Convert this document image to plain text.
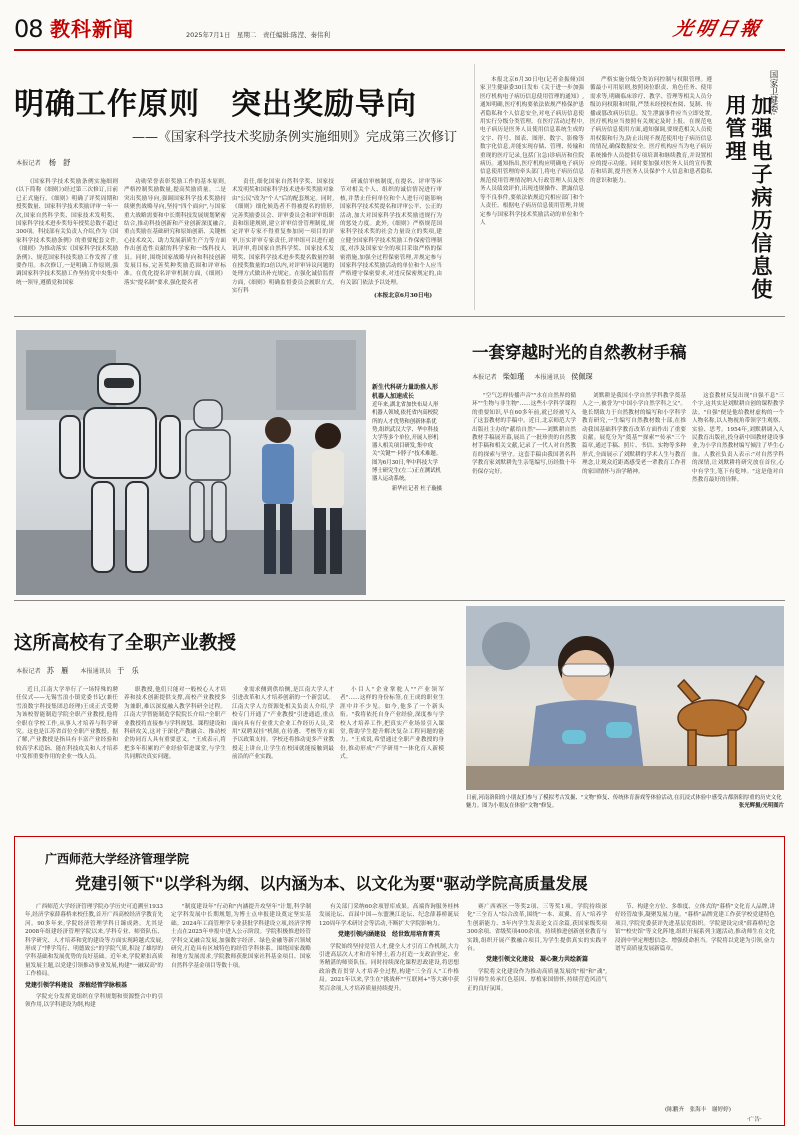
08 教科新闻	2025年7月1日　星期二　责任编辑:陈滢、秦伟利	光明日報
明确工作原则　突出奖励导向
——《国家科学技术奖励条例实施细则》完成第三次修订
本报记者 杨　舒

《国家科学技术奖励条例实施细则(以下简称《细则》)经过第三次修订,日前已正式施行。《细则》明确了评奖周期和授奖数量、国家科学技术奖励评审一年一次,国家自然科学奖、国家技术发明奖、国家科学技术进步奖每年授奖总数不超过300项。科技部有关负责人介绍,作为《国家科学技术奖励条例》的重要配套文件,《细则》为推动落实《国家科学技术奖励条例》、规范国家科技奖励工作发挥了重要作用。本次修订,一是明确工作原则,强调国家科学技术奖励工作坚持党中央集中统一领导,遵循党和国家

功勋荣誉表彰奖励工作的基本原则,严格控制奖励数量,提高奖励质量。二是突出奖励导向,强调国家科学技术奖励持续聚焦战略导向,坚持"四个面向",与国家重大战略需要和中长期科技发展规划紧密结合,推动科技创新和产业创新深度融合,重点奖励在基础研究和原始创新、关键核心技术攻关、助力发展新质生产力等方面作出创造性贡献的科学家和一线科技人员。同时,围绕国家战略导向和科技创新发展目标,完善奖种奖励范围和评审标准。在优化提名评审机制方面,《细则》落实"提名制"要求,强化提名者

责任,细化国家自然科学奖、国家技术发明奖和国家科学技术进步奖奖励对象由"公民"改为"个人"后的配套规定。同时,《细则》细化候选者不得被提名的情形,完善奖励委员会、评审委员会和评审组职责和组建规则,建立评审信誉管理制度,规定评审专家不得重复参加同一项目的评审,压实评审专家责任,评审组可以进行通讯评审,将国家自然科学奖、国家技术发明奖、国家科学技术进步奖提名数量控制在授奖数量的3倍以内,对评审异议问题的处理方式做出补充规定。在强化诚信监督方面,《细则》明确监督委员会履职方式,实行科

研诚信审核制度,在提名、评审等环节对相关个人、组织的诚信情况进行审核,并禁止任何单位和个人进行可能影响国家科学技术奖提名和评审公平、公正的活动,加大对国家科学技术奖励违规行为的惩处力度。此外,《细则》严格规范国家科学技术奖的社会力量设立的奖项,建立健全国家科学技术奖励工作保密管理制度,对涉及国家安全的项目采取严格的保密措施,加强全过程保密管理,并规定参与国家科学技术奖励活动的单位和个人应当严格遵守保密要求,对违反保密规定的,由有关部门依法予以处理。

(本报北京6月30日电)

本报北京6月30日电(记者金振娅)国家卫生健康委30日发布《关于进一步加强医疗机构电子病历信息使用管理的通知》,通知明确,医疗机构要依法依规严格保护患者隐私和个人信息安全,对电子病历信息使用实行分级分类管理。在医疗活动过程中,电子病历是医务人员使用信息系统生成的文字、符号、图表、图形、数字、影像等数字化信息,并能实现存储、管理、传输和重现的医疗记录,包括门(急)诊病历和住院病历。通知指出,医疗机构应明确电子病历信息使用管理的牵头部门,将电子病历信息规范使用管理情况纳入行政管理人员及医务人员绩效评价,出现违规操作、泄露信息等不良事件,要依法依规追究相应部门和个人责任。根据电子病历信息使用管理,并规定参与国家科学技术奖励活动的单位和个人

严格实施分级分类访问控制与权限管理。遵循最小可用原则,按照岗位职责、角色任务、使用需求等,明确临床诊疗、教学、管理等相关人员分级访问权限和时限,严禁未经授权查阅、复制、传播或篡改病历信息。发生泄露事件应当立即处置,医疗机构应当按照有关规定及时上报。在规范电子病历信息使用方面,通知强调,要规范相关人员使用权限和行为,防止出现不规范使用电子病历信息的情况,确保数据安全。医疗机构应当为电子病历系统操作人员提供专项培训和继续教育,并设置相应的提示功能。同时要加强对医务人员的宣传教育和培训,提升医务人员保护个人信息和患者隐私的意识和能力。

国家卫健委:
加强电子病历信息使用管理
新生代科研力量助推人形机器人加速成长
近年来,湖北省加快布局人形机器人领域,依托省内高校院所的人才优势和创新体系优势,组织武汉大学、华中科技大学等多个单位,开展人形机器人相关项目研发,集中攻关"关键""卡脖子"技术难题。图为6月30日,华中科技大学博士研究生(左二)正在测试机器人运动系统。
新华社记者 杜子璇摄
一套穿越时光的自然教材手稿
本报记者 柴如瑾 本报通讯员 侯佩琛

"空气怎样传播声音""水在自然界的循环""生物与非生物"……这些小学科学课程的重要知识,早在60多年前,就已经被写入了这套教材的手稿中。近日,北京师范大学出版社主办的"献给自然"——刘默耕自然教材手稿展开幕,展出了一批珍贵的自然教材手稿和相关文献,记录了一代人对自然教育的探索与坚守。这套手稿由我国著名科学教育家刘默耕先生亲笔编写,历经数十年仍保存完好。

刘默耕是我国小学自然学科教学奠基人之一,被誉为"中国小学自然学科之父"。他长期致力于自然教材的编写和小学科学教育研究,一生编写自然教材数十部,在推动我国基础科学教育改革方面作出了重要贡献。展览分为"奠基""探索""传承"三个篇章,通过手稿、照片、书信、实物等多种形式,全面展示了刘默耕的学术人生与教育理念,让观众近距离感受老一辈教育工作者的家国情怀与治学精神。

这套教材反复出现"自强不息"三个字,这其实是刘默耕自创的课程教学法。"自强"便是他给教材虚构的一个人物名称,以人物视角带领学生观察、实验、思考。1954年,刘默耕调入人民教育出版社,投身新中国教材建设事业,为小学自然教材编写倾注了毕生心血。人教社负责人表示:"对自然学科的深情,让刘默耕将研究放在首位,心中有学生,笔下有乾坤。"这是他对自然教育最好的诠释。

这所高校有了全职产业教授
本报记者 苏　雁 本报通讯员 于　乐

近日,江南大学举行了一场特殊的聘任仪式——无锡雪浪小镇党委书记(兼任雪浪数字科技集团总经理)王成正式受聘为该校智能制造学院全职产业教授,他将全职在学校工作,从事人才培养与科学研究。这也是江苏省首位全职产业教授。据了解,产业教授是指具有丰富产业经验和较高学术造诣、能在科技攻关和人才培养中发挥重要作用的企业一线人员。

职教授,他们只能对一般校心人才培养和技术创新提供支撑,高校产业教授多为兼职,难以深度融入教学科研全过程。江南大学智能制造学院院长介绍:"全职产业教授将直接参与学科规划、课程建设和科研攻关,这对于深化产教融合、推动校企协同育人具有重要意义。"王成表示,将把多年积累的产业经验带进课堂,与学生共同解决真实问题。

业需求侧到供给侧,是江南大学人才引进改革和人才培养创新的一个新尝试。江南大学人力资源处相关负责人介绍,学校专门开通了"产业教授"引进通道,重点面向具有行业重大企业工作经历人员,采用"双聘双挂"机制,在待遇、考核等方面予以政策支持。学校还将推动更多产业教授走上讲台,让学生在校园就能接触到最前沿的产业实践。

小目人"企业掌舵人""产业领军者"……这样的身份标签,在王成的职业生涯中并不少见。如今,他多了一个新头衔。"我将依托自身产业经验,深度参与学校人才培养工作,把真实产业场景引入课堂,帮助学生提升解决复杂工程问题的能力。"王成说,希望通过全职产业教授的身份,推动形成"产学研用"一体化育人新模式。

日前,河南洛阳的小朋友们参与了模拟考古发掘、"文物"修复、传统体育游戏等体验活动,在沉浸式体验中感受古都洛阳厚重的历史文化魅力。图为小朋友在体验"文物"修复。	张光辉摄/光明图片
广西师范大学经济管理学院
党建引领下"以学科为纲、以内涵为本、以文化为要"驱动学院高质量发展

广西师范大学经济管理学院办学历史可追溯至1933年,经济学家薛暮桥来校任教,首开广西高校经济学教育先河。90多年来,学院经济管理学科日臻成熟。尤其是2008年组建经济管理学院以来,学科专业、师资队伍、科学研究、人才培养和党的建设等方面实现跨越式发展,形成了"博学笃行、明德致公"的学院气质,积淀了雄厚的学科基础和发展优势的良好基础。近年来,学院紧扣高质量发展主题,以党建引领推动事业发展,构建"一融双高"的工作格局。

党建引领学科建设　深植经管学脉根基

学院充分发挥党组织在学科规划和资源整合中的引领作用,以学科建设为纲,构建

"制度建设年"行动和"内涵提升攻坚年"计划,科学制定学科发展中长期规划,为博士点申报建设奠定坚实基础。2024年工商管理学专业获批学科建设立项,经济学博士点在2025年申报中进入公示阶段。学院积极推进经管学科交叉融合发展,加强数字经济、绿色金融等新兴领域研究,打造具有区域特色的经管学科体系。围绕国家战略和地方发展需求,学院教师获批国家社科基金项目、国家自然科学基金项目等数十项。

有关部门采纳60余项智库成果。高端咨询服务桂林发展论坛、首届中国—东盟澳江论坛、纪念薛暮桥诞辰120周年学术研讨会等活动,不断扩大学院影响力。

党建引领内涵建设　经世致用培育菁英

学院始终坚持党管人才,健全人才引育工作机制,大力引进高层次人才和青年博士,着力打造一支政治坚定、业务精湛的师资队伍。同时持续深化课程思政建设,将思想政治教育贯穿人才培养全过程,构建"三全育人"工作格局。2021年以来,学生在"挑战杯""互联网+"等大赛中获奖百余项,人才培养质量持续提升。

赛广西赛区一等奖2项、三等奖1项。学院持续深化"三全育人"综合改革,围绕"一本、双翼、育人"培养学生创新能力、5年内学生发表论文百余篇,获国家级奖项300余项、省级奖项400余项。持续推进创新创业教育与实践,组织开展产教融合项目,为学生提供真实的实践平台。

党建引领文化建设　凝心聚力共绘新篇

学院将文化建设作为推动高质量发展的"根"和"魂",引导师生传承红色基因、厚植家国情怀,持续营造风清气正的良好氛围。

节、构建全方位、多维度、立体式的"暮桥"文化育人品牌,讲好经管故事,凝聚发展力量。"暮桥"品牌党建工作获学校党建特色项目,学院党委获评先进基层党组织。学院建设完成"薛暮桥纪念馆""校史馆"等文化阵地,组织开展系列主题活动,推动师生在文化浸润中坚定理想信念、增强使命担当。学院将以党建为引领,奋力谱写高质量发展新篇章。

(陈鹏齐　张海丰　谢婷婷)
·广告·
